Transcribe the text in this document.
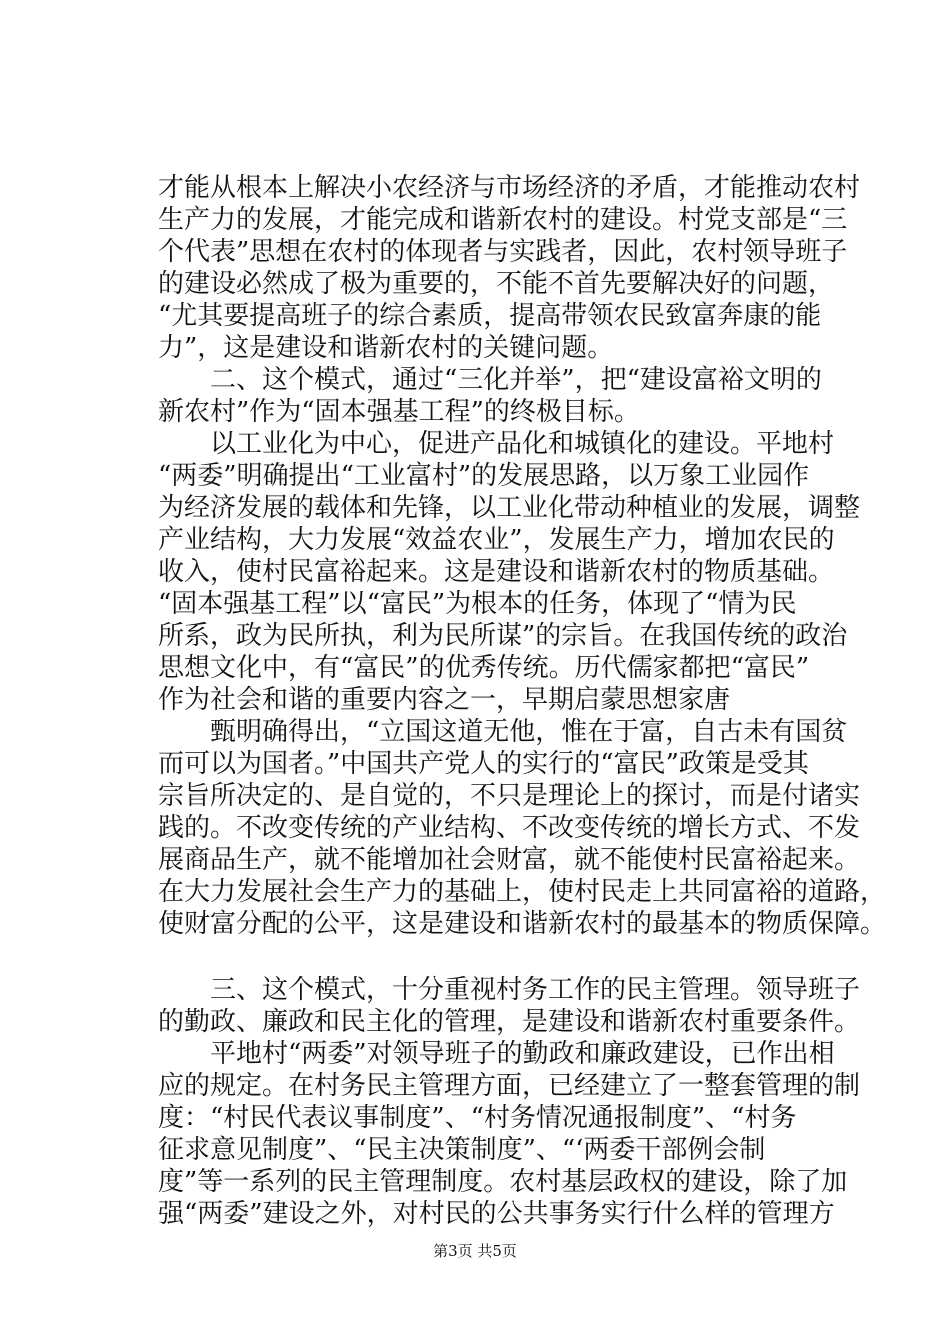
才能从根本上解决小农经济与市场经济的矛盾，才能推动农村
生产力的发展，才能完成和谐新农村的建设。村党支部是“三
个代表”思想在农村的体现者与实践者，因此，农村领导班子
的建设必然成了极为重要的，不能不首先要解决好的问题，
“尤其要提高班子的综合素质，提高带领农民致富奔康的能
力”，这是建设和谐新农村的关键问题。
　　二、这个模式，通过“三化并举”，把“建设富裕文明的
新农村”作为“固本强基工程”的终极目标。
　　以工业化为中心，促进产品化和城镇化的建设。平地村
“两委”明确提出“工业富村”的发展思路，以万象工业园作
为经济发展的载体和先锋，以工业化带动种植业的发展，调整
产业结构，大力发展“效益农业”，发展生产力，增加农民的
收入，使村民富裕起来。这是建设和谐新农村的物质基础。
“固本强基工程”以“富民”为根本的任务，体现了“情为民
所系，政为民所执，利为民所谋”的宗旨。在我国传统的政治
思想文化中，有“富民”的优秀传统。历代儒家都把“富民”
作为社会和谐的重要内容之一，早期启蒙思想家唐
　　甄明确得出，“立国这道无他，惟在于富，自古未有国贫
而可以为国者。”中国共产党人的实行的“富民”政策是受其
宗旨所决定的、是自觉的，不只是理论上的探讨，而是付诸实
践的。不改变传统的产业结构、不改变传统的增长方式、不发
展商品生产，就不能增加社会财富，就不能使村民富裕起来。
在大力发展社会生产力的基础上，使村民走上共同富裕的道路，
使财富分配的公平，这是建设和谐新农村的最基本的物质保障。
　　三、这个模式，十分重视村务工作的民主管理。领导班子
的勤政、廉政和民主化的管理，是建设和谐新农村重要条件。
　　平地村“两委”对领导班子的勤政和廉政建设，已作出相
应的规定。在村务民主管理方面，已经建立了一整套管理的制
度：“村民代表议事制度”、“村务情况通报制度”、“村务
征求意见制度”、“民主决策制度”、“‘两委干部例会制
度”等一系列的民主管理制度。农村基层政权的建设，除了加
强“两委”建设之外，对村民的公共事务实行什么样的管理方
第3页 共5页
